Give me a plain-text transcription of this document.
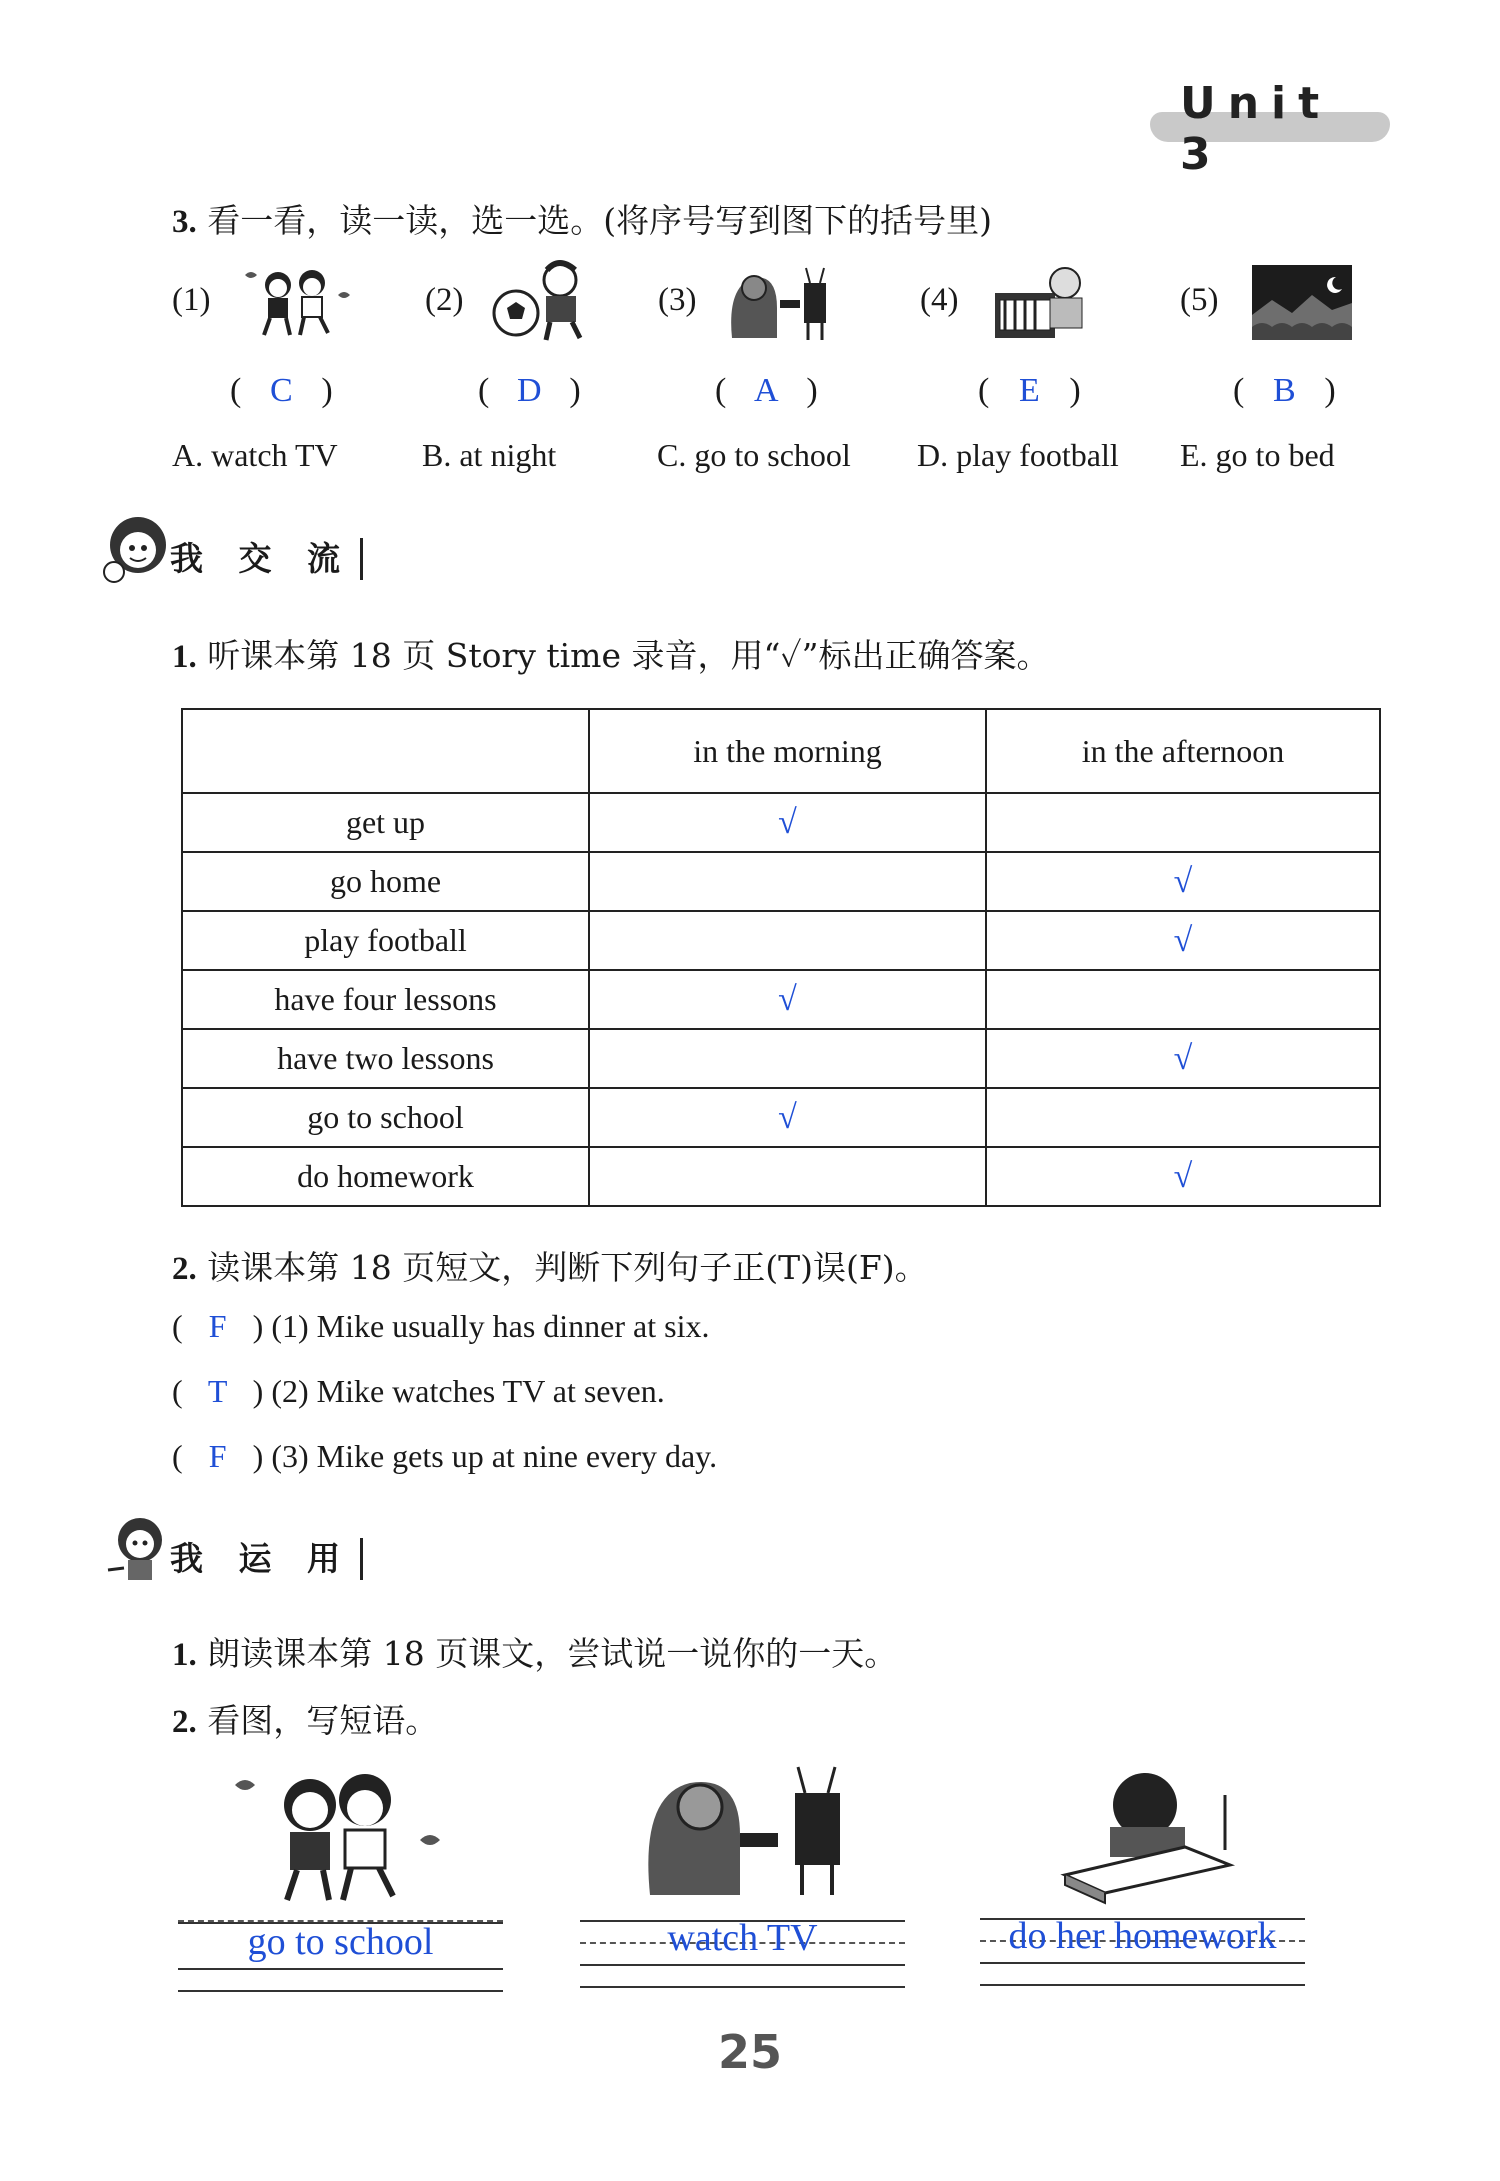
Unit 3
3. 看一看，读一读，选一选。(将序号写到图下的括号里)
(1)	(2)	(3)	(4)	(5)
( C )	( D )	( A )	( E )	( B )
A. watch TV	B. at night	C. go to school D. play football E. go to bed
我 交 流
1. 听课本第 18 页 Story time 录音，用“✓”标出正确答案。
	in the morning	in the afternoon
get up	√	
go home		√
play football		√
have four lessons	√	
have two lessons		√
go to school	√	
do homework		√
2. 读课本第 18 页短文，判断下列句子正(T)误(F)。
( F ) (1) Mike usually has dinner at six.
( T ) (2) Mike watches TV at seven.
( F ) (3) Mike gets up at nine every day.
我 运 用
1. 朗读课本第 18 页课文，尝试说一说你的一天。
2. 看图，写短语。
go to school	watch TV	do her homework
25
